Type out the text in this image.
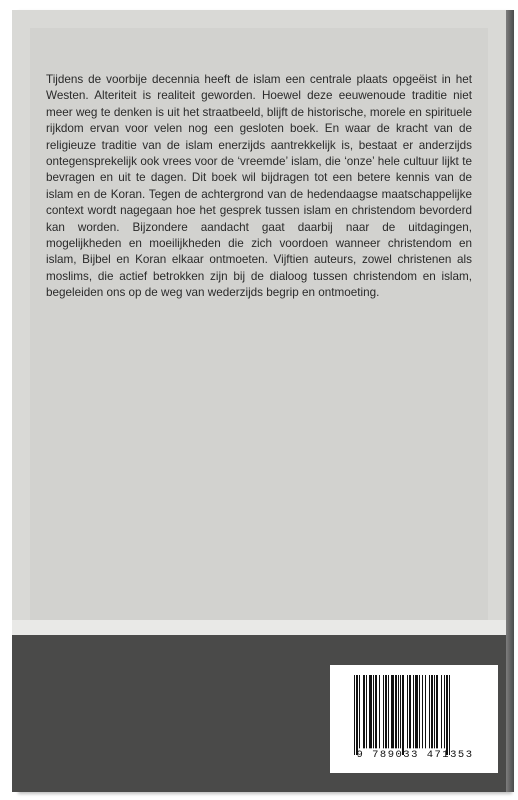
Tijdens de voorbije decennia heeft de islam een centrale plaats opgeëist in het Westen. Alteriteit is realiteit geworden. Hoewel deze eeuwenoude traditie niet meer weg te denken is uit het straatbeeld, blijft de historische, morele en spirituele rijkdom ervan voor velen nog een gesloten boek. En waar de kracht van de religieuze traditie van de islam enerzijds aantrekkelijk is, bestaat er anderzijds ontegensprekelijk ook vrees voor de ‘vreemde’ islam, die ‘onze’ hele cultuur lijkt te bevragen en uit te dagen. Dit boek wil bijdragen tot een betere kennis van de islam en de Koran. Tegen de achtergrond van de hedendaagse maatschappelijke context wordt nagegaan hoe het gesprek tussen islam en christendom bevorderd kan worden. Bijzondere aandacht gaat daarbij naar de uitdagingen, mogelijkheden en moeilijkheden die zich voordoen wanneer christendom en islam, Bijbel en Koran elkaar ontmoeten. Vijftien auteurs, zowel christenen als moslims, die actief betrokken zijn bij de dialoog tussen christendom en islam, begeleiden ons op de weg van wederzijds begrip en ontmoeting.

9 789033 471353
